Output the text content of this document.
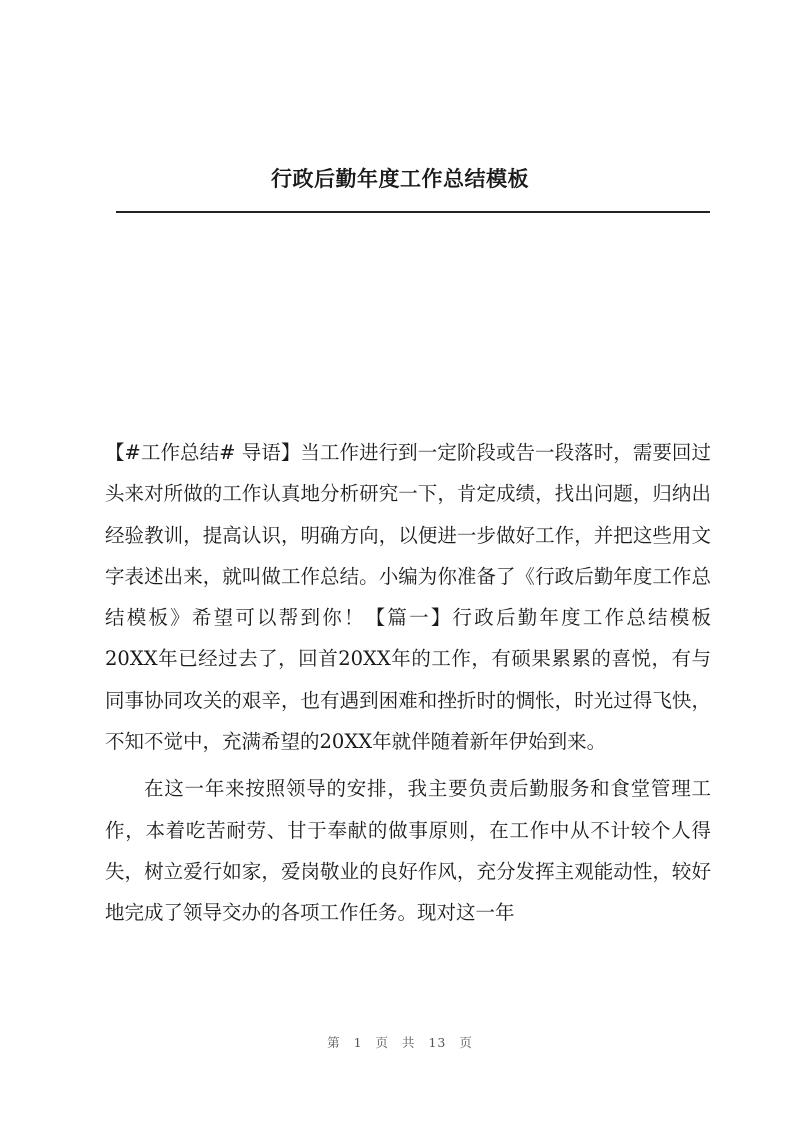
行政后勤年度工作总结模板

【#工作总结# 导语】当工作进行到一定阶段或告一段落时，需要回过头来对所做的工作认真地分析研究一下，肯定成绩，找出问题，归纳出经验教训，提高认识，明确方向，以便进一步做好工作，并把这些用文字表述出来，就叫做工作总结。小编为你准备了《行政后勤年度工作总结模板》希望可以帮到你！【篇一】行政后勤年度工作总结模板　　20XX年已经过去了，回首20XX年的工作，有硕果累累的喜悦，有与同事协同攻关的艰辛，也有遇到困难和挫折时的惆怅，时光过得飞快，不知不觉中，充满希望的20XX年就伴随着新年伊始到来。

在这一年来按照领导的安排，我主要负责后勤服务和食堂管理工作，本着吃苦耐劳、甘于奉献的做事原则，在工作中从不计较个人得失，树立爱行如家，爱岗敬业的良好作风，充分发挥主观能动性，较好地完成了领导交办的各项工作任务。现对这一年

第 1 页 共 13 页
